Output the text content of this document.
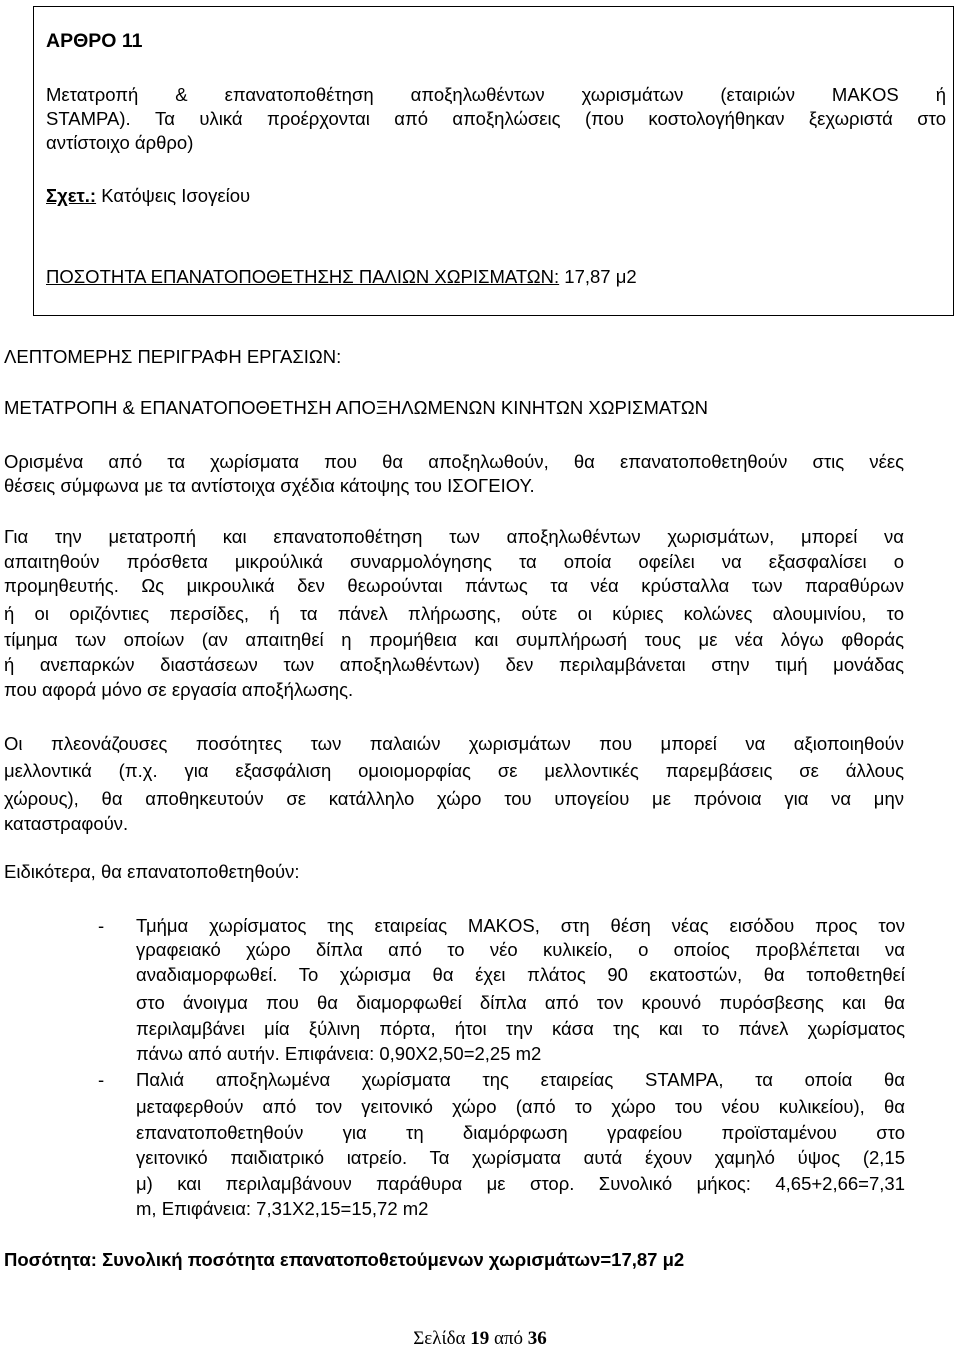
ΑΡΘΡΟ 11
Μετατροπή & επανατοποθέτηση αποξηλωθέντων χωρισμάτων (εταιριών MAKOS ή
STAMPA). Τα υλικά προέρχονται από αποξηλώσεις (που κοστολογήθηκαν ξεχωριστά στο
αντίστοιχο άρθρο)
Σχετ.: Κατόψεις Ισογείου
ΠΟΣΟΤΗΤΑ ΕΠΑΝΑΤΟΠΟΘΕΤΗΣΗΣ ΠΑΛΙΩΝ ΧΩΡΙΣΜΑΤΩΝ: 17,87 μ2
ΛΕΠΤΟΜΕΡΗΣ ΠΕΡΙΓΡΑΦΗ ΕΡΓΑΣΙΩΝ:
ΜΕΤΑΤΡΟΠΗ & ΕΠΑΝΑΤΟΠΟΘΕΤΗΣΗ ΑΠΟΞΗΛΩΜΕΝΩΝ ΚΙΝΗΤΩΝ ΧΩΡΙΣΜΑΤΩΝ
Ορισμένα από τα χωρίσματα που θα αποξηλωθούν, θα επανατοποθετηθούν στις νέες
θέσεις σύμφωνα με τα αντίστοιχα σχέδια κάτοψης του ΙΣΟΓΕΙΟΥ.
Για την μετατροπή και επανατοποθέτηση των αποξηλωθέντων χωρισμάτων, μπορεί να
απαιτηθούν πρόσθετα μικρούλικά συναρμολόγησης τα οποία οφείλει να εξασφαλίσει ο
προμηθευτής. Ως μικρουλικά δεν θεωρούνται πάντως τα νέα κρύσταλλα των παραθύρων
ή οι οριζόντιες περσίδες, ή τα πάνελ πλήρωσης, ούτε οι κύριες κολώνες αλουμινίου, το
τίμημα των οποίων (αν απαιτηθεί η προμήθεια και συμπλήρωσή τους με νέα λόγω φθοράς
ή ανεπαρκών διαστάσεων των αποξηλωθέντων) δεν περιλαμβάνεται στην τιμή μονάδας
που αφορά μόνο σε εργασία αποξήλωσης.
Οι πλεονάζουσες ποσότητες των παλαιών χωρισμάτων που μπορεί να αξιοποιηθούν
μελλοντικά (π.χ. για εξασφάλιση ομοιομορφίας σε μελλοντικές παρεμβάσεις σε άλλους
χώρους), θα αποθηκευτούν σε κατάλληλο χώρο του υπογείου με πρόνοια για να μην
καταστραφούν.
Ειδικότερα, θα επανατοποθετηθούν:
- Τμήμα χωρίσματος της εταιρείας MAKOS, στη θέση νέας εισόδου προς τον
γραφειακό χώρο δίπλα από το νέο κυλικείο, ο οποίος προβλέπεται να
αναδιαμορφωθεί. Το χώρισμα θα έχει πλάτος 90 εκατοστών, θα τοποθετηθεί
στο άνοιγμα που θα διαμορφωθεί δίπλα από τον κρουνό πυρόσβεσης και θα
περιλαμβάνει μία ξύλινη πόρτα, ήτοι την κάσα της και το πάνελ χωρίσματος
πάνω από αυτήν. Επιφάνεια: 0,90Χ2,50=2,25 m2
- Παλιά αποξηλωμένα χωρίσματα της εταιρείας STAMPA, τα οποία θα
μεταφερθούν από τον γειτονικό χώρο (από το χώρο του νέου κυλικείου), θα
επανατοποθετηθούν για τη διαμόρφωση γραφείου προϊσταμένου στο
γειτονικό παιδιατρικό ιατρείο. Τα χωρίσματα αυτά έχουν χαμηλό ύψος (2,15
μ) και περιλαμβάνουν παράθυρα με στορ. Συνολικό μήκος: 4,65+2,66=7,31
m, Επιφάνεια: 7,31Χ2,15=15,72 m2
Ποσότητα: Συνολική ποσότητα επανατοποθετούμενων χωρισμάτων=17,87 μ2
Σελίδα 19 από 36
